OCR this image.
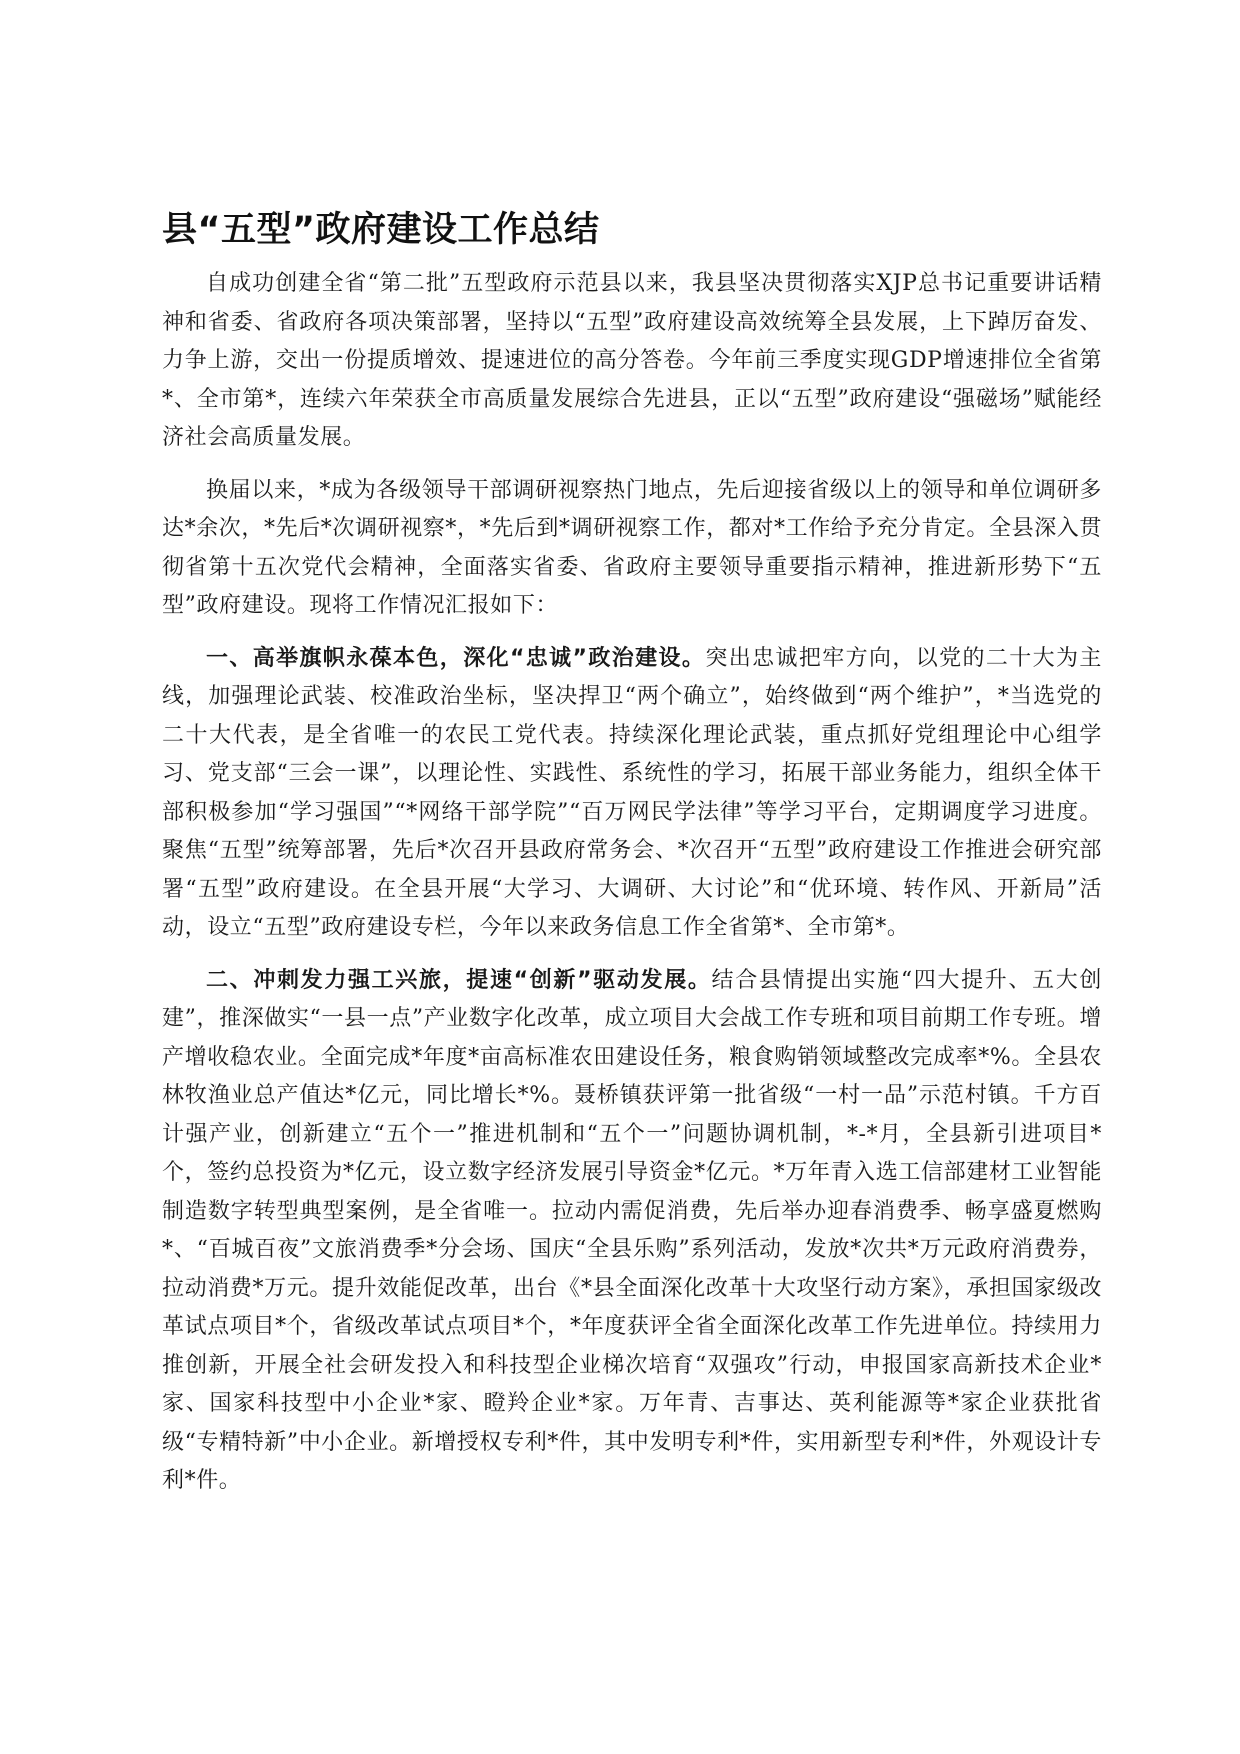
县“五型”政府建设工作总结

自成功创建全省“第二批”五型政府示范县以来，我县坚决贯彻落实XJP总书记重要讲话精神和省委、省政府各项决策部署，坚持以“五型”政府建设高效统筹全县发展，上下踔厉奋发、力争上游，交出一份提质增效、提速进位的高分答卷。今年前三季度实现GDP增速排位全省第*、全市第*，连续六年荣获全市高质量发展综合先进县，正以“五型”政府建设“强磁场”赋能经济社会高质量发展。

换届以来，*成为各级领导干部调研视察热门地点，先后迎接省级以上的领导和单位调研多达*余次，*先后*次调研视察*，*先后到*调研视察工作，都对*工作给予充分肯定。全县深入贯彻省第十五次党代会精神，全面落实省委、省政府主要领导重要指示精神，推进新形势下“五型”政府建设。现将工作情况汇报如下：

一、高举旗帜永葆本色，深化“忠诚”政治建设。突出忠诚把牢方向，以党的二十大为主线，加强理论武装、校准政治坐标，坚决捍卫“两个确立”，始终做到“两个维护”，*当选党的二十大代表，是全省唯一的农民工党代表。持续深化理论武装，重点抓好党组理论中心组学习、党支部“三会一课”，以理论性、实践性、系统性的学习，拓展干部业务能力，组织全体干部积极参加“学习强国”“*网络干部学院”“百万网民学法律”等学习平台，定期调度学习进度。聚焦“五型”统筹部署，先后*次召开县政府常务会、*次召开“五型”政府建设工作推进会研究部署“五型”政府建设。在全县开展“大学习、大调研、大讨论”和“优环境、转作风、开新局”活动，设立“五型”政府建设专栏，今年以来政务信息工作全省第*、全市第*。

二、冲刺发力强工兴旅，提速“创新”驱动发展。结合县情提出实施“四大提升、五大创建”，推深做实“一县一点”产业数字化改革，成立项目大会战工作专班和项目前期工作专班。增产增收稳农业。全面完成*年度*亩高标准农田建设任务，粮食购销领域整改完成率*%。全县农林牧渔业总产值达*亿元，同比增长*%。聂桥镇获评第一批省级“一村一品”示范村镇。千方百计强产业，创新建立“五个一”推进机制和“五个一”问题协调机制，*-*月，全县新引进项目*个，签约总投资为*亿元，设立数字经济发展引导资金*亿元。*万年青入选工信部建材工业智能制造数字转型典型案例，是全省唯一。拉动内需促消费，先后举办迎春消费季、畅享盛夏燃购*、“百城百夜”文旅消费季*分会场、国庆“全县乐购”系列活动，发放*次共*万元政府消费券，拉动消费*万元。提升效能促改革，出台《*县全面深化改革十大攻坚行动方案》，承担国家级改革试点项目*个，省级改革试点项目*个，*年度获评全省全面深化改革工作先进单位。持续用力推创新，开展全社会研发投入和科技型企业梯次培育“双强攻”行动，申报国家高新技术企业*家、国家科技型中小企业*家、瞪羚企业*家。万年青、吉事达、英利能源等*家企业获批省级“专精特新”中小企业。新增授权专利*件，其中发明专利*件，实用新型专利*件，外观设计专利*件。
